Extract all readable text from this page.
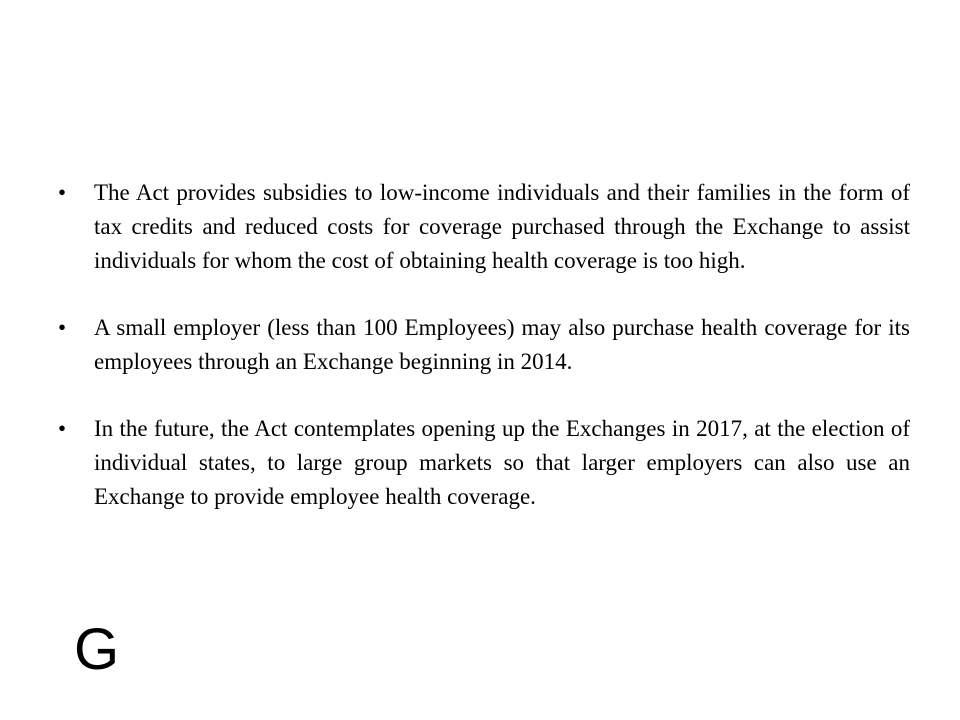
•	The Act provides subsidies to low-income individuals and their families in the form of tax credits and reduced costs for coverage purchased through the Exchange to assist individuals for whom the cost of obtaining health coverage is too high.
•	A small employer (less than 100 Employees) may also purchase health coverage for its employees through an Exchange beginning in 2014.
•	In the future, the Act contemplates opening up the Exchanges in 2017, at the election of individual states, to large group markets so that larger employers can also use an Exchange to provide employee health coverage.
G
